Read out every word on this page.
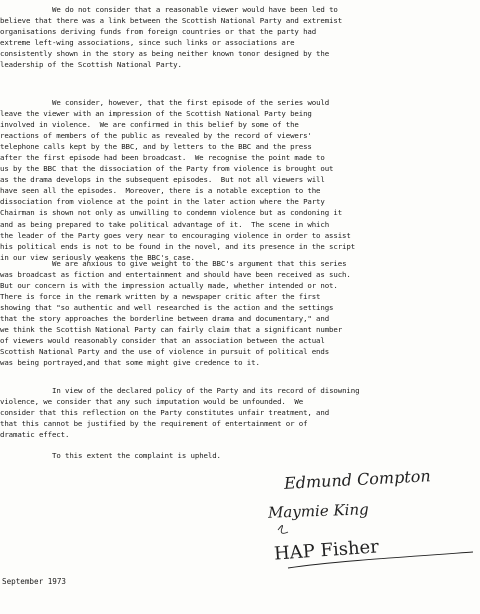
We do not consider that a reasonable viewer would have been led to
believe that there was a link between the Scottish National Party and extremist
organisations deriving funds from foreign countries or that the party had
extreme left-wing associations, since such links or associations are
consistently shown in the story as being neither known tonor designed by the
leadership of the Scottish National Party.
We consider, however, that the first episode of the series would
leave the viewer with an impression of the Scottish National Party being
involved in violence.  We are confirmed in this belief by some of the
reactions of members of the public as revealed by the record of viewers'
telephone calls kept by the BBC, and by letters to the BBC and the press
after the first episode had been broadcast.  We recognise the point made to
us by the BBC that the dissociation of the Party from violence is brought out
as the drama develops in the subsequent episodes.  But not all viewers will
have seen all the episodes.  Moreover, there is a notable exception to the
dissociation from violence at the point in the later action where the Party
Chairman is shown not only as unwilling to condemn violence but as condoning it
and as being prepared to take political advantage of it.  The scene in which
the leader of the Party goes very near to encouraging violence in order to assist
his political ends is not to be found in the novel, and its presence in the script
in our view seriously weakens the BBC's case.
We are anxious to give weight to the BBC's argument that this series
was broadcast as fiction and entertainment and should have been received as such.
But our concern is with the impression actually made, whether intended or not.
There is force in the remark written by a newspaper critic after the first
showing that "so authentic and well researched is the action and the settings
that the story approaches the borderline between drama and documentary," and
we think the Scottish National Party can fairly claim that a significant number
of viewers would reasonably consider that an association between the actual
Scottish National Party and the use of violence in pursuit of political ends
was being portrayed,and that some might give credence to it.
In view of the declared policy of the Party and its record of disowning
violence, we consider that any such imputation would be unfounded.  We
consider that this reflection on the Party constitutes unfair treatment, and
that this cannot be justified by the requirement of entertainment or of
dramatic effect.
To this extent the complaint is upheld.
Edmund Compton
Maymie King
HAP Fisher
September 1973
